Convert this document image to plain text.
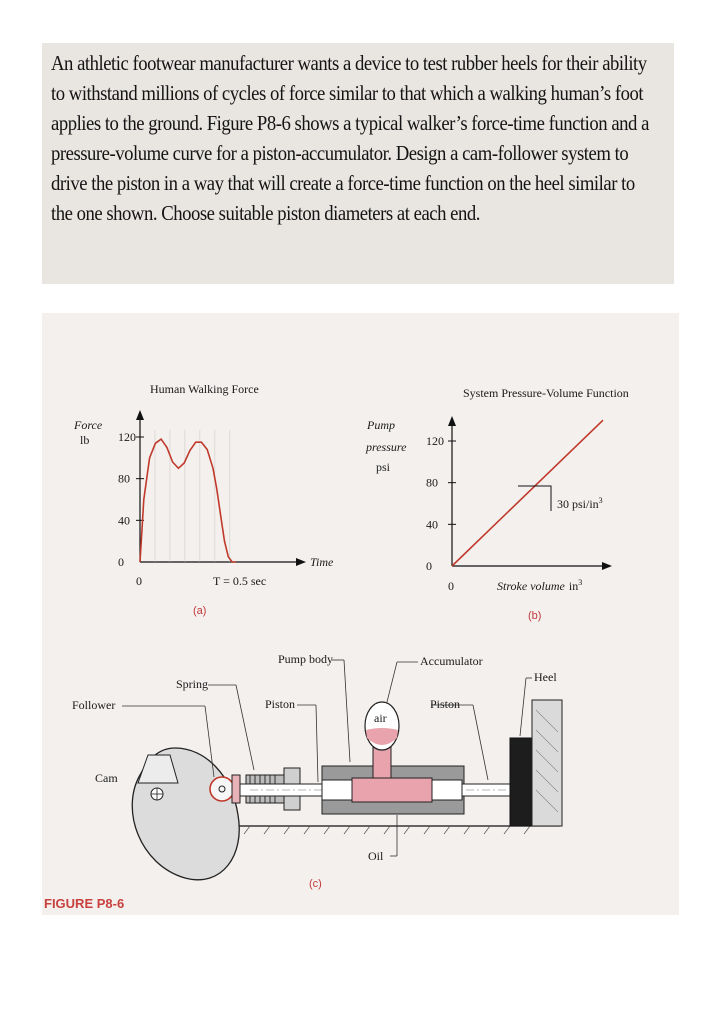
An athletic footwear manufacturer wants a device to test rubber heels for their ability
to withstand millions of cycles of force similar to that which a walking human’s foot
applies to the ground. Figure P8-6 shows a typical walker’s force-time function and a
pressure-volume curve for a piston-accumulator. Design a cam-follower system to
drive the piston in a way that will create a force-time function on the heel similar to
the one shown. Choose suitable piston diameters at each end.
Human Walking Force
Force
lb
0
40
80
120
Time
0	T = 0.5 sec
(a)
System Pressure-Volume Function
Pump
pressure
psi
0
40
80
120
30 psi/$in^3$
0	Stroke volume $in^3$
(b)
Cam
Follower
Spring
Piston
Pump body
air
Accumulator
Piston
Heel
Oil
(c)
FIGURE P8-6
